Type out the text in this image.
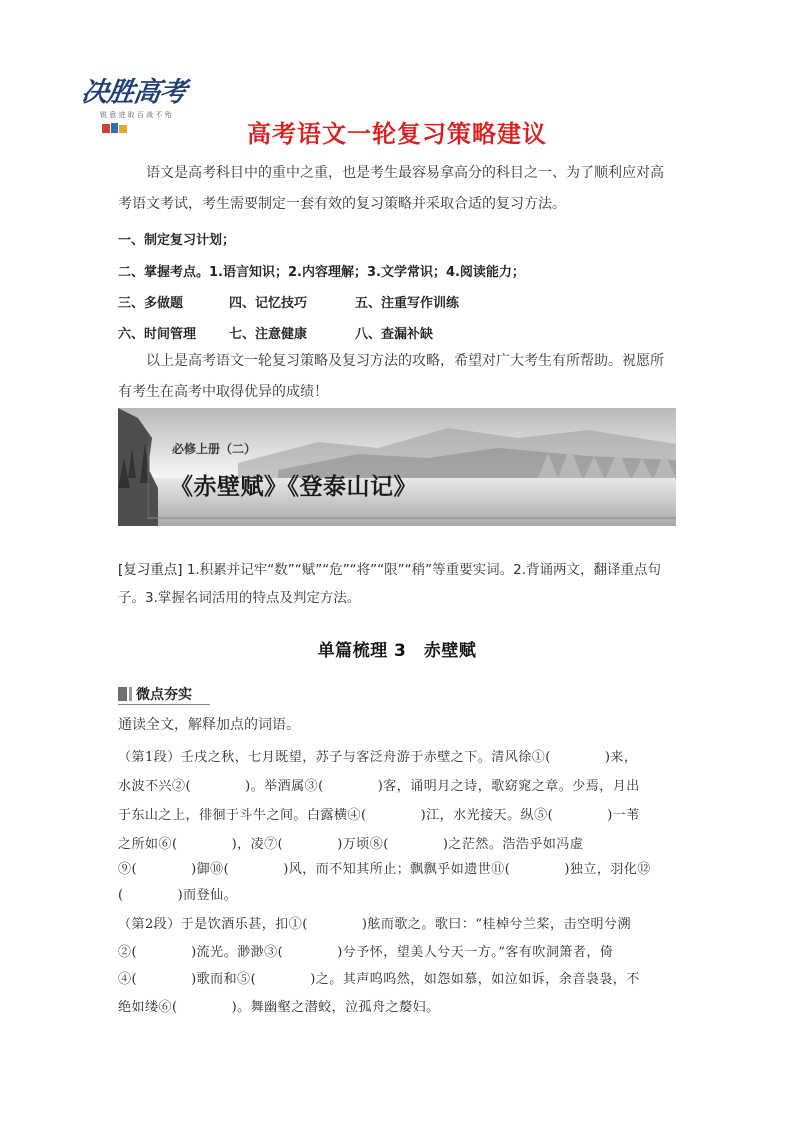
决胜高考
锐 意 进 取 百 战 不 殆
高考语文一轮复习策略建议
语文是高考科目中的重中之重，也是考生最容易拿高分的科目之一、为了顺利应对高考语文考试，考生需要制定一套有效的复习策略并采取合适的复习方法。
一、制定复习计划；
二、掌握考点。1.语言知识；2.内容理解；3.文学常识；4.阅读能力；
三、多做题	四、记忆技巧	五、注重写作训练
六、时间管理	七、注意健康	八、查漏补缺
以上是高考语文一轮复习策略及复习方法的攻略，希望对广大考生有所帮助。祝愿所有考生在高考中取得优异的成绩！
必修上册（二）
《赤壁赋》《登泰山记》
[复习重点] 1.积累并记牢“数”“赋”“危”“将”“限”“稍”等重要实词。2.背诵两文，翻译重点句子。3.掌握名词活用的特点及判定方法。
单篇梳理 3　赤壁赋
微点夯实
通读全文，解释加点的词语。
（第1段）壬戌之秋，七月既望，苏子与客泛舟游于赤壁之下。清风徐①(　　　　)来，
水波不兴②(　　　　)。举酒属③(　　　　)客，诵明月之诗，歌窈窕之章。少焉，月出
于东山之上，徘徊于斗牛之间。白露横④(　　　　)江，水光接天。纵⑤(　　　　)一苇
之所如⑥(　　　　)，凌⑦(　　　　)万顷⑧(　　　　)之茫然。浩浩乎如冯虚
⑨(　　　　)御⑩(　　　　)风，而不知其所止；飘飘乎如遗世⑪(　　　　)独立，羽化⑫
(　　　　)而登仙。
（第2段）于是饮酒乐甚，扣①(　　　　)舷而歌之。歌曰：“桂棹兮兰桨，击空明兮溯
②(　　　　)流光。渺渺③(　　　　)兮予怀，望美人兮天一方。”客有吹洞箫者，倚
④(　　　　)歌而和⑤(　　　　)之。其声呜呜然，如怨如慕，如泣如诉，余音袅袅，不
绝如缕⑥(　　　　)。舞幽壑之潜蛟，泣孤舟之嫠妇。
